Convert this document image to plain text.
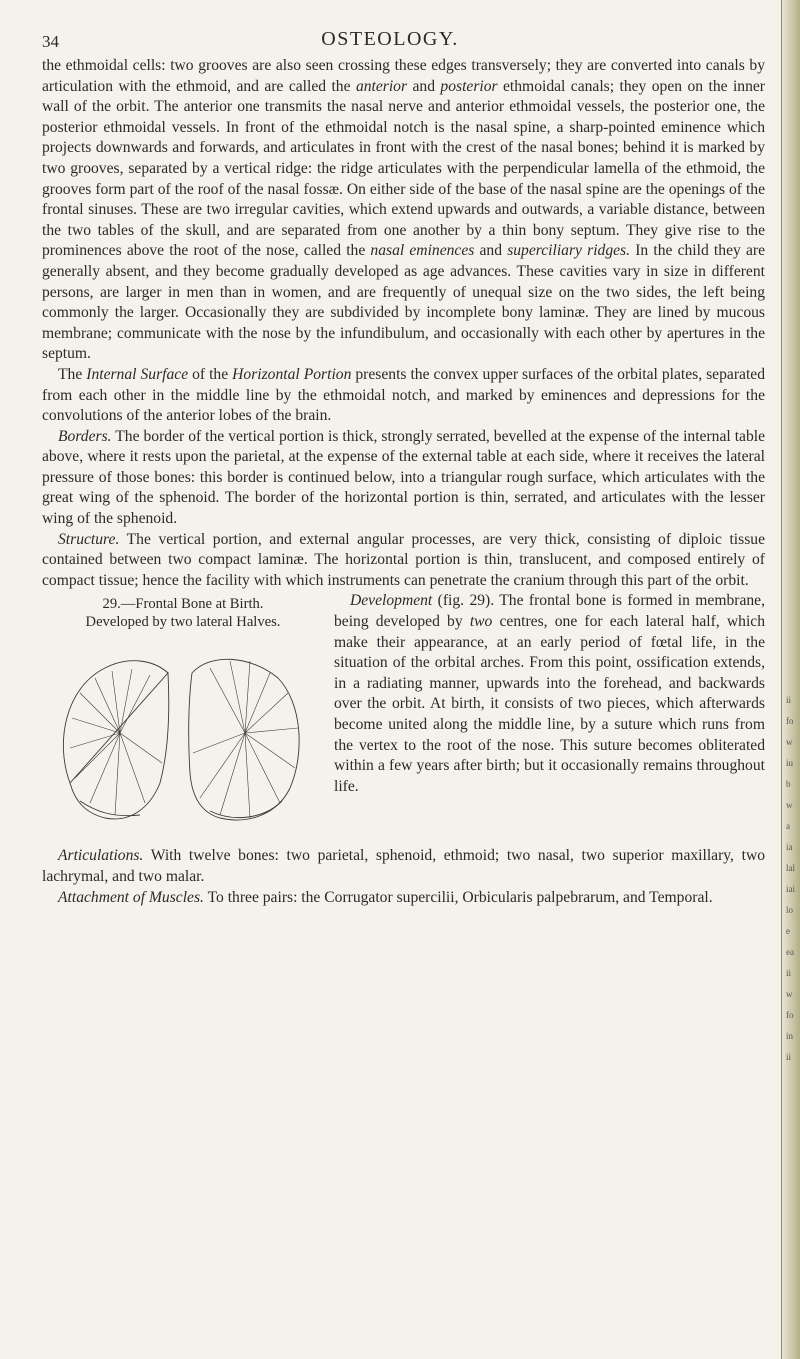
ii fo w iu b w a ia lal iai lo e ea ii w fo in ii
34	OSTEOLOGY.

the ethmoidal cells: two grooves are also seen crossing these edges transversely; they are converted into canals by articulation with the ethmoid, and are called the anterior and posterior ethmoidal canals; they open on the inner wall of the orbit. The anterior one transmits the nasal nerve and anterior ethmoidal vessels, the posterior one, the posterior ethmoidal vessels. In front of the ethmoidal notch is the nasal spine, a sharp-pointed eminence which projects downwards and forwards, and articulates in front with the crest of the nasal bones; behind it is marked by two grooves, separated by a vertical ridge: the ridge articulates with the perpendicular lamella of the ethmoid, the grooves form part of the roof of the nasal fossæ. On either side of the base of the nasal spine are the openings of the frontal sinuses. These are two irregular cavities, which extend upwards and outwards, a variable distance, between the two tables of the skull, and are separated from one another by a thin bony septum. They give rise to the prominences above the root of the nose, called the nasal eminences and superciliary ridges. In the child they are generally absent, and they become gradually developed as age advances. These cavities vary in size in different persons, are larger in men than in women, and are frequently of unequal size on the two sides, the left being commonly the larger. Occasionally they are subdivided by incomplete bony laminæ. They are lined by mucous membrane; communicate with the nose by the infundibulum, and occasionally with each other by apertures in the septum.

The Internal Surface of the Horizontal Portion presents the convex upper surfaces of the orbital plates, separated from each other in the middle line by the ethmoidal notch, and marked by eminences and depressions for the convolutions of the anterior lobes of the brain.

Borders. The border of the vertical portion is thick, strongly serrated, bevelled at the expense of the internal table above, where it rests upon the parietal, at the expense of the external table at each side, where it receives the lateral pressure of those bones: this border is continued below, into a triangular rough surface, which articulates with the great wing of the sphenoid. The border of the horizontal portion is thin, serrated, and articulates with the lesser wing of the sphenoid.

Structure. The vertical portion, and external angular processes, are very thick, consisting of diploic tissue contained between two compact laminæ. The horizontal portion is thin, translucent, and composed entirely of compact tissue; hence the facility with which instruments can penetrate the cranium through this part of the orbit.

29.—Frontal Bone at Birth.
Developed by two lateral Halves.

Development (fig. 29). The frontal bone is formed in membrane, being developed by two centres, one for each lateral half, which make their appearance, at an early period of fœtal life, in the situation of the orbital arches. From this point, ossification extends, in a radiating manner, upwards into the forehead, and backwards over the orbit. At birth, it consists of two pieces, which afterwards become united along the middle line, by a suture which runs from the vertex to the root of the nose. This suture becomes obliterated within a few years after birth; but it occasionally remains throughout life.

Articulations. With twelve bones: two parietal, sphenoid, ethmoid; two nasal, two superior maxillary, two lachrymal, and two malar.

Attachment of Muscles. To three pairs: the Corrugator supercilii, Orbicularis palpebrarum, and Temporal.
